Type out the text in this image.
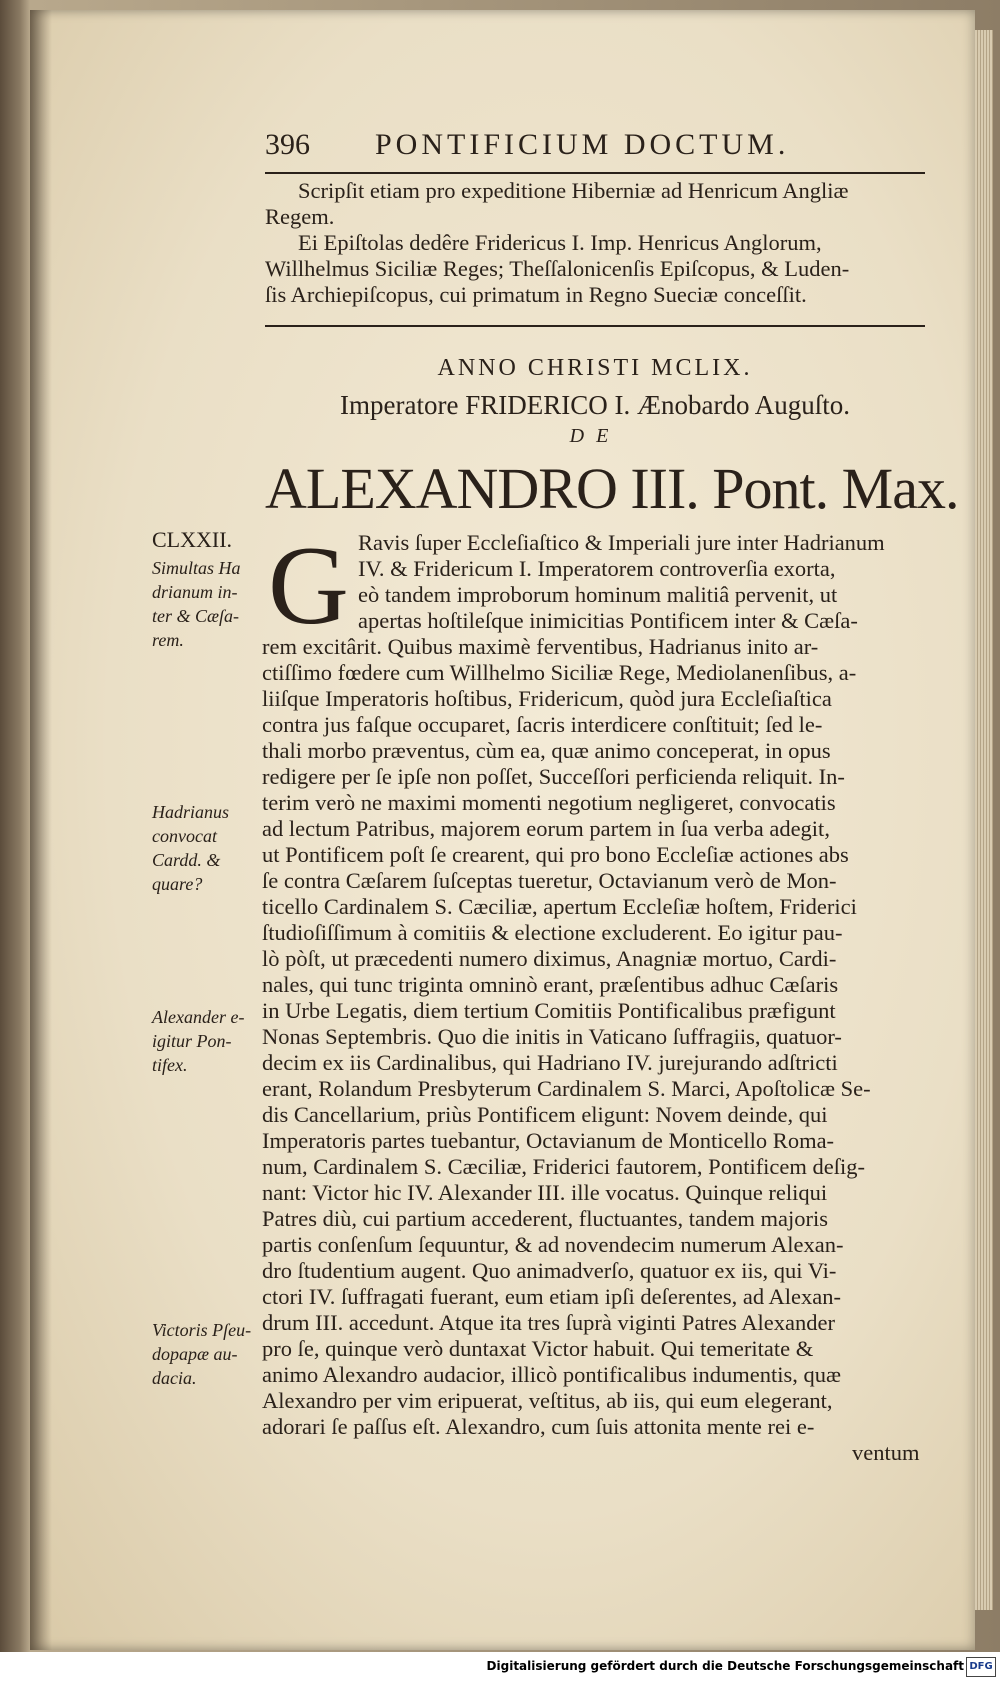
396 PONTIFICIUM DOCTUM.
Scripſit etiam pro expeditione Hiberniæ ad Henricum Angliæ
Regem.
Ei Epiſtolas dedêre Fridericus I. Imp. Henricus Anglorum,
Willhelmus Siciliæ Reges; Theſſalonicenſis Epiſcopus, & Luden-
ſis Archiepiſcopus, cui primatum in Regno Sueciæ conceſſit.
ANNO CHRISTI MCLIX.
Imperatore FRIDERICO I. Ænobardo Auguſto.
DE
ALEXANDRO III. Pont. Max.
CLXXII.
Simultas Ha
drianum in-
ter & Cæſa-
rem.
Hadrianus
convocat
Cardd. &
quare?
Alexander e-
igitur Pon-
tifex.
Victoris Pſeu-
dopapæ au-
dacia.
G Ravis ſuper Eccleſiaſtico & Imperiali jure inter Hadrianum
IV. & Fridericum I. Imperatorem controverſia exorta,
eò tandem improborum hominum malitiâ pervenit, ut
apertas hoſtileſque inimicitias Pontificem inter & Cæſa-
rem excitârit. Quibus maximè ferventibus, Hadrianus inito ar-
ctiſſimo fœdere cum Willhelmo Siciliæ Rege, Mediolanenſibus, a-
liiſque Imperatoris hoſtibus, Fridericum, quòd jura Eccleſiaſtica
contra jus faſque occuparet, ſacris interdicere conſtituit; ſed le-
thali morbo præventus, cùm ea, quæ animo conceperat, in opus
redigere per ſe ipſe non poſſet, Succeſſori perficienda reliquit. In-
terim verò ne maximi momenti negotium negligeret, convocatis
ad lectum Patribus, majorem eorum partem in ſua verba adegit,
ut Pontificem poſt ſe crearent, qui pro bono Eccleſiæ actiones abs
ſe contra Cæſarem ſuſceptas tueretur, Octavianum verò de Mon-
ticello Cardinalem S. Cæciliæ, apertum Eccleſiæ hoſtem, Friderici
ſtudioſiſſimum à comitiis & electione excluderent. Eo igitur pau-
lò pòſt, ut præcedenti numero diximus, Anagniæ mortuo, Cardi-
nales, qui tunc triginta omninò erant, præſentibus adhuc Cæſaris
in Urbe Legatis, diem tertium Comitiis Pontificalibus præfigunt
Nonas Septembris. Quo die initis in Vaticano ſuffragiis, quatuor-
decim ex iis Cardinalibus, qui Hadriano IV. jurejurando adſtricti
erant, Rolandum Presbyterum Cardinalem S. Marci, Apoſtolicæ Se-
dis Cancellarium, priùs Pontificem eligunt: Novem deinde, qui
Imperatoris partes tuebantur, Octavianum de Monticello Roma-
num, Cardinalem S. Cæciliæ, Friderici fautorem, Pontificem deſig-
nant: Victor hic IV. Alexander III. ille vocatus. Quinque reliqui
Patres diù, cui partium accederent, fluctuantes, tandem majoris
partis conſenſum ſequuntur, & ad novendecim numerum Alexan-
dro ſtudentium augent. Quo animadverſo, quatuor ex iis, qui Vi-
ctori IV. ſuffragati fuerant, eum etiam ipſi deſerentes, ad Alexan-
drum III. accedunt. Atque ita tres ſuprà viginti Patres Alexander
pro ſe, quinque verò duntaxat Victor habuit. Qui temeritate &
animo Alexandro audacior, illicò pontificalibus indumentis, quæ
Alexandro per vim eripuerat, veſtitus, ab iis, qui eum elegerant,
adorari ſe paſſus eſt. Alexandro, cum ſuis attonita mente rei e-
ventum
Digitalisierung gefördert durch die Deutsche Forschungsgemeinschaft DFG
